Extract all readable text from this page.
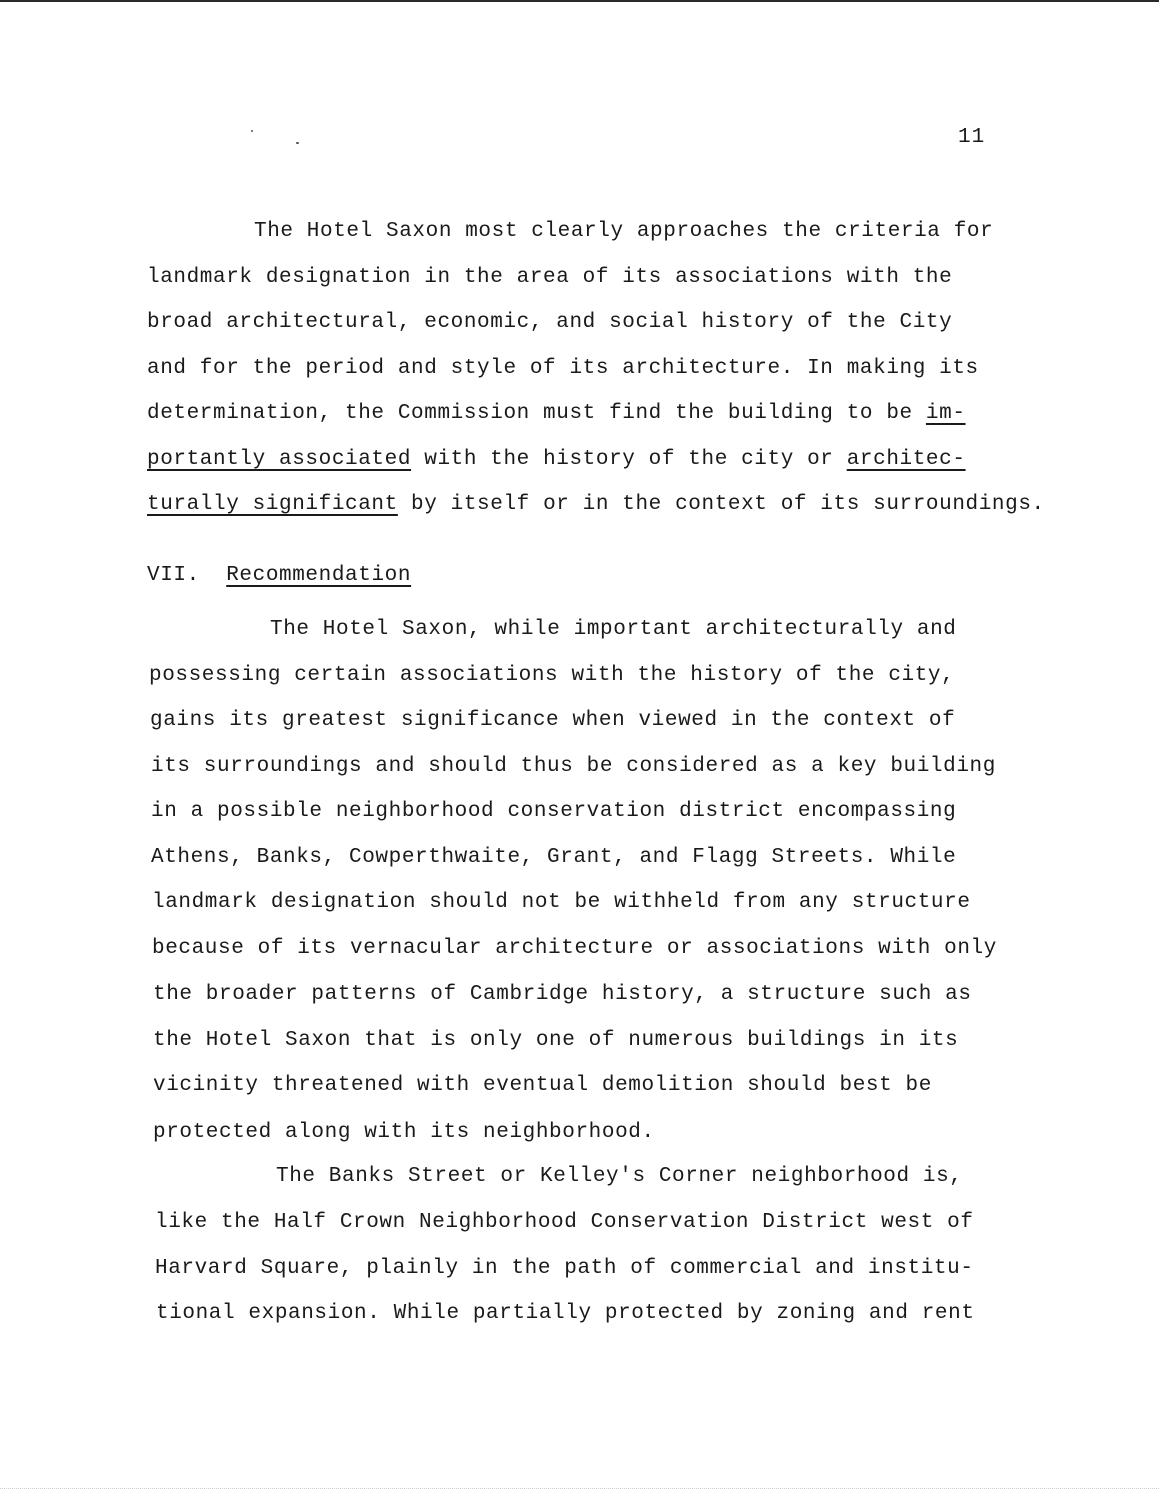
11
The Hotel Saxon most clearly approaches the criteria for
landmark designation in the area of its associations with the
broad architectural, economic, and social history of the City
and for the period and style of its architecture. In making its
determination, the Commission must find the building to be im-
portantly associated with the history of the city or architec-
turally significant by itself or in the context of its surroundings.
VII. Recommendation
The Hotel Saxon, while important architecturally and
possessing certain associations with the history of the city,
gains its greatest significance when viewed in the context of
its surroundings and should thus be considered as a key building
in a possible neighborhood conservation district encompassing
Athens, Banks, Cowperthwaite, Grant, and Flagg Streets. While
landmark designation should not be withheld from any structure
because of its vernacular architecture or associations with only
the broader patterns of Cambridge history, a structure such as
the Hotel Saxon that is only one of numerous buildings in its
vicinity threatened with eventual demolition should best be
protected along with its neighborhood.
The Banks Street or Kelley's Corner neighborhood is,
like the Half Crown Neighborhood Conservation District west of
Harvard Square, plainly in the path of commercial and institu-
tional expansion. While partially protected by zoning and rent
